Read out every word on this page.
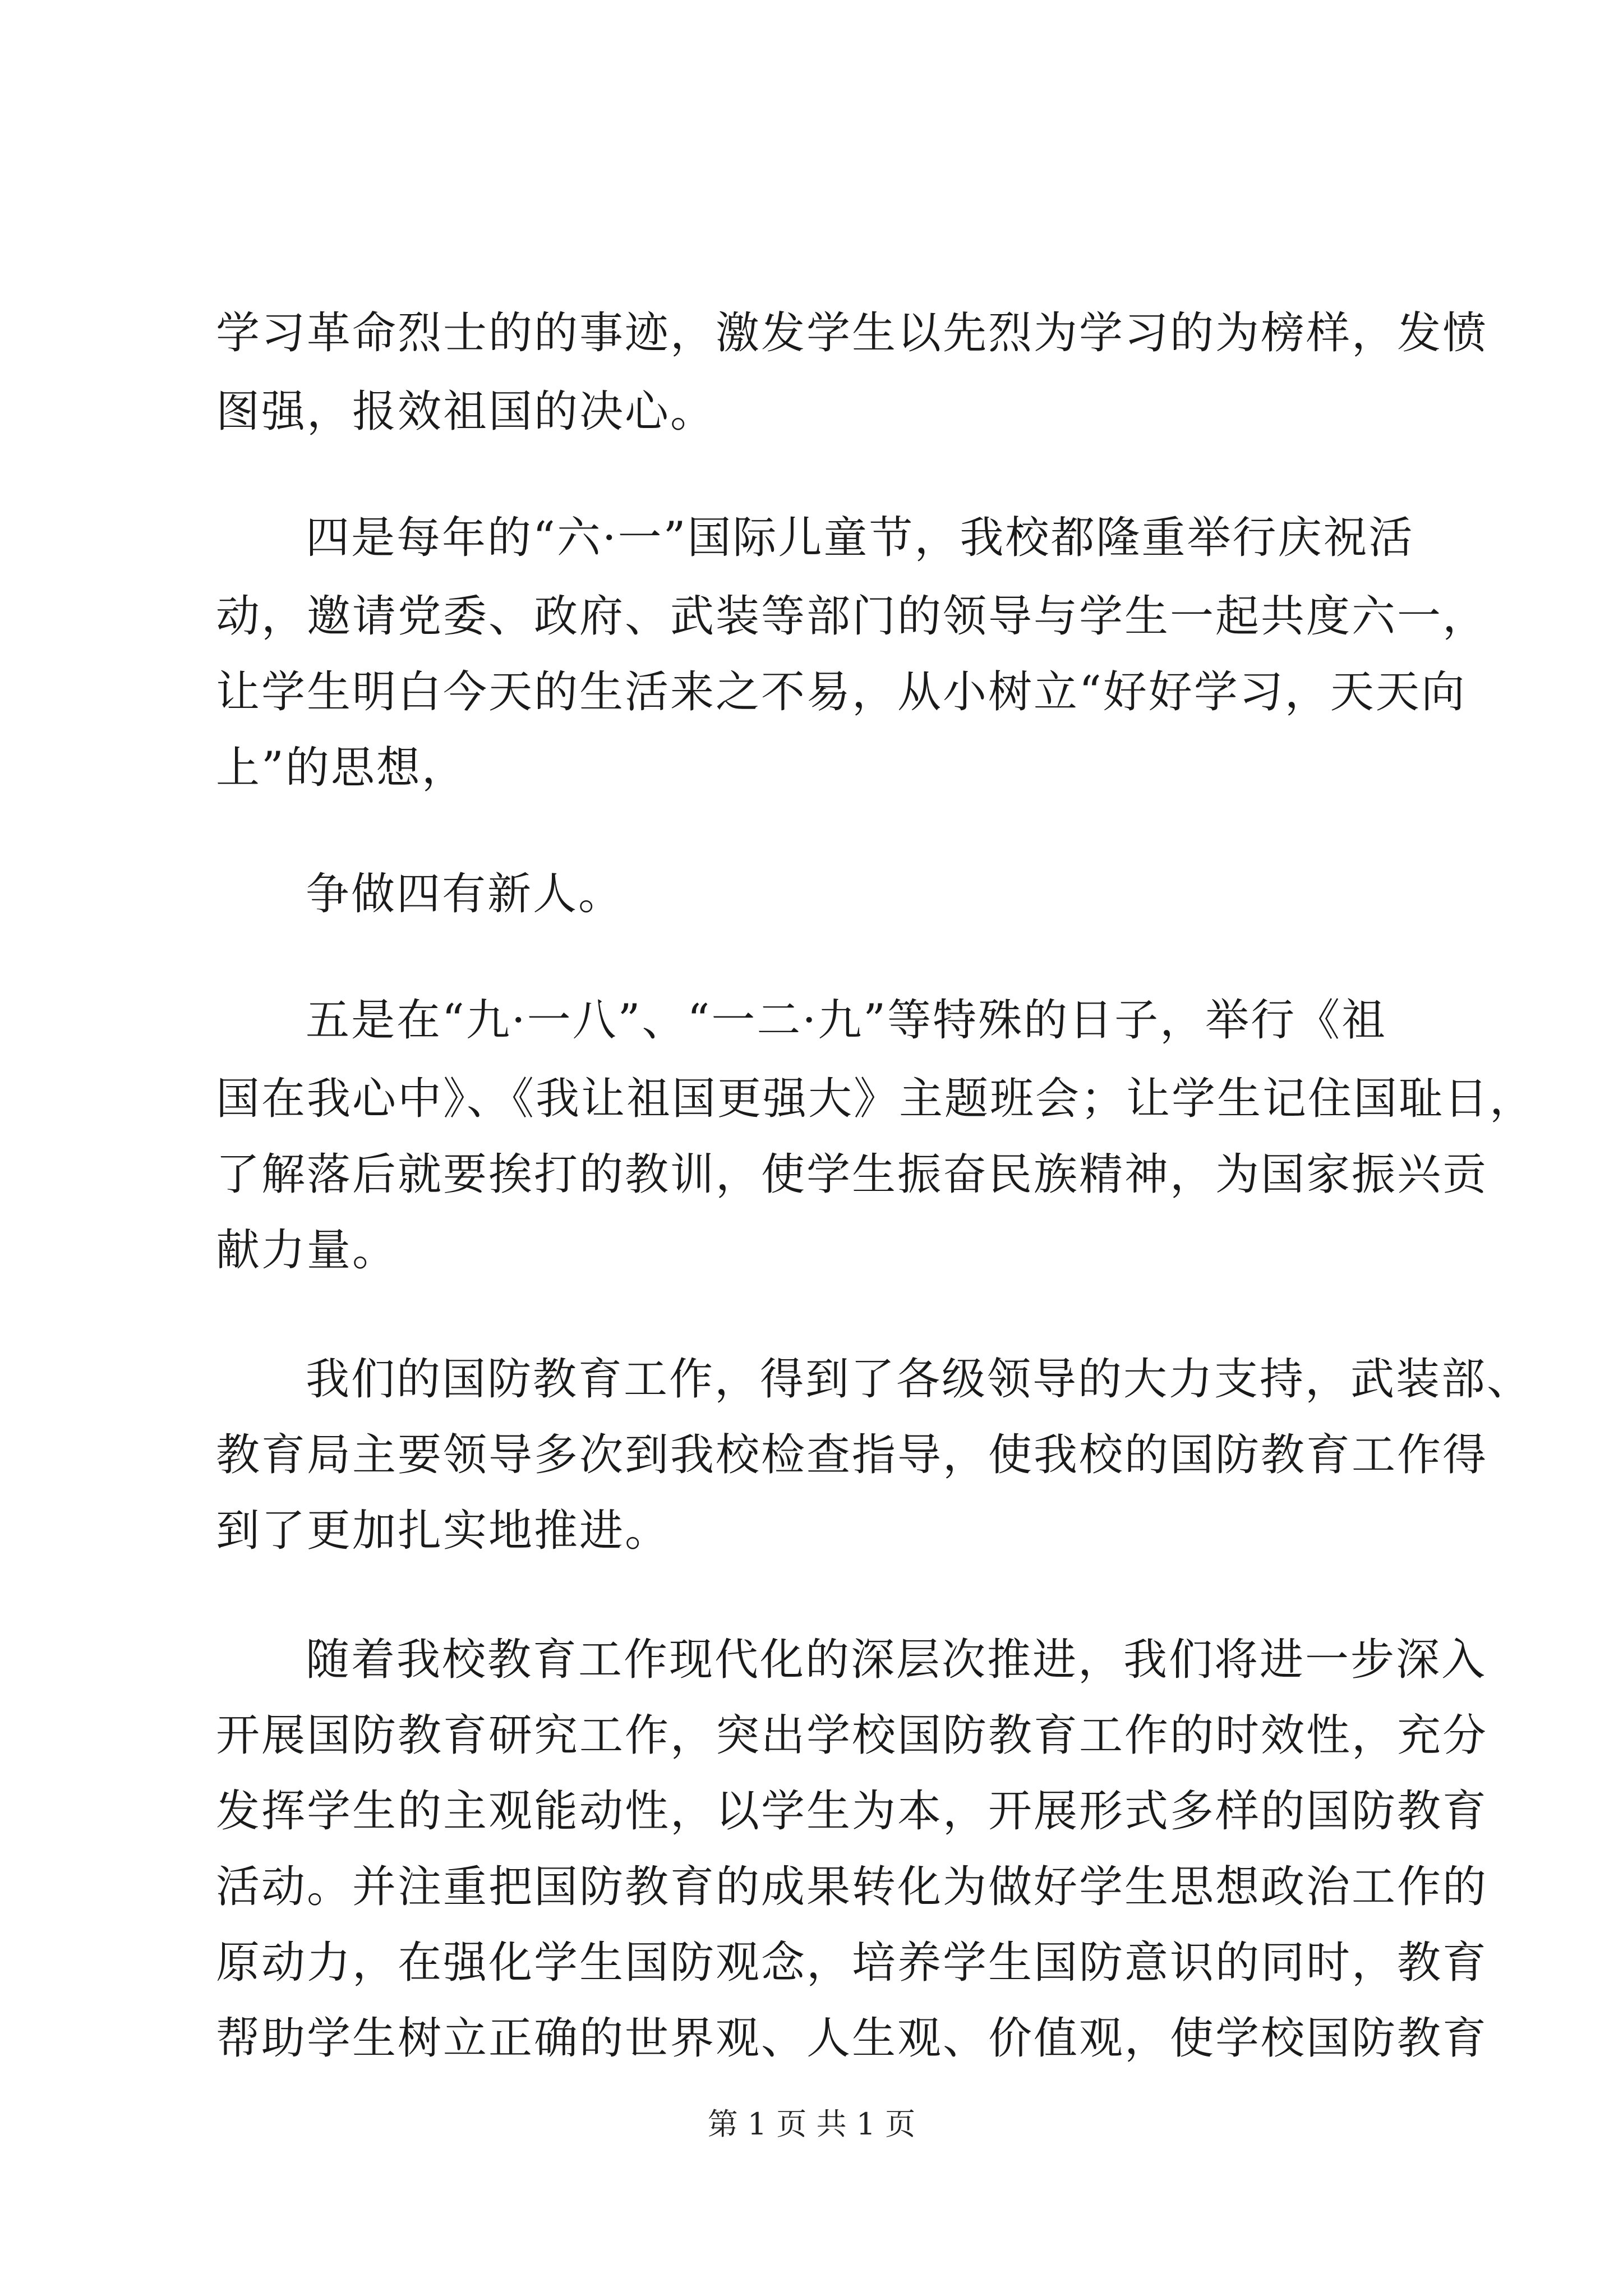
学习革命烈士的的事迹，激发学生以先烈为学习的为榜样，发愤
图强，报效祖国的决心。
四是每年的“六·一”国际儿童节，我校都隆重举行庆祝活
动，邀请党委、政府、武装等部门的领导与学生一起共度六一，
让学生明白今天的生活来之不易，从小树立“好好学习，天天向
上”的思想，
争做四有新人。
五是在“九·一八”、“一二·九”等特殊的日子，举行《祖
国在我心中》、《我让祖国更强大》主题班会；让学生记住国耻日，
了解落后就要挨打的教训，使学生振奋民族精神，为国家振兴贡
献力量。
我们的国防教育工作，得到了各级领导的大力支持，武装部、
教育局主要领导多次到我校检查指导，使我校的国防教育工作得
到了更加扎实地推进。
随着我校教育工作现代化的深层次推进，我们将进一步深入
开展国防教育研究工作，突出学校国防教育工作的时效性，充分
发挥学生的主观能动性，以学生为本，开展形式多样的国防教育
活动。并注重把国防教育的成果转化为做好学生思想政治工作的
原动力，在强化学生国防观念，培养学生国防意识的同时，教育
帮助学生树立正确的世界观、人生观、价值观，使学校国防教育
第 1 页 共 1 页
